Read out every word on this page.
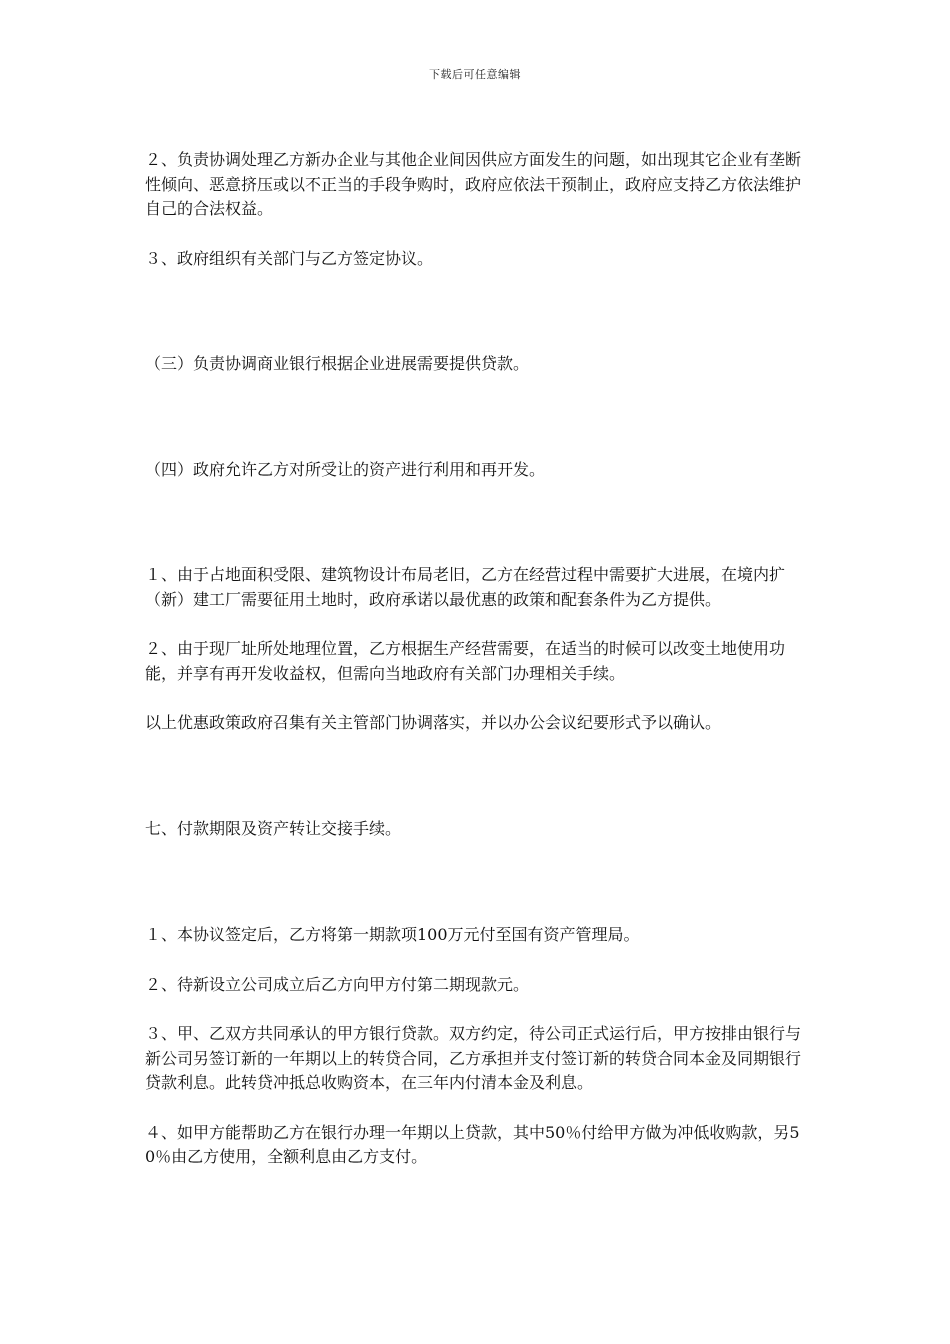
下载后可任意编辑

２、负责协调处理乙方新办企业与其他企业间因供应方面发生的问题，如出现其它企业有垄断性倾向、恶意挤压或以不正当的手段争购时，政府应依法干预制止，政府应支持乙方依法维护自己的合法权益。

３、政府组织有关部门与乙方签定协议。

（三）负责协调商业银行根据企业进展需要提供贷款。

（四）政府允许乙方对所受让的资产进行利用和再开发。

１、由于占地面积受限、建筑物设计布局老旧，乙方在经营过程中需要扩大进展，在境内扩（新）建工厂需要征用土地时，政府承诺以最优惠的政策和配套条件为乙方提供。

２、由于现厂址所处地理位置，乙方根据生产经营需要，在适当的时候可以改变土地使用功能，并享有再开发收益权，但需向当地政府有关部门办理相关手续。

以上优惠政策政府召集有关主管部门协调落实，并以办公会议纪要形式予以确认。

七、付款期限及资产转让交接手续。

１、本协议签定后，乙方将第一期款项100万元付至国有资产管理局。

２、待新设立公司成立后乙方向甲方付第二期现款元。

３、甲、乙双方共同承认的甲方银行贷款。双方约定，待公司正式运行后，甲方按排由银行与新公司另签订新的一年期以上的转贷合同，乙方承担并支付签订新的转贷合同本金及同期银行贷款利息。此转贷冲抵总收购资本，在三年内付清本金及利息。

４、如甲方能帮助乙方在银行办理一年期以上贷款，其中50％付给甲方做为冲低收购款，另50％由乙方使用，全额利息由乙方支付。
